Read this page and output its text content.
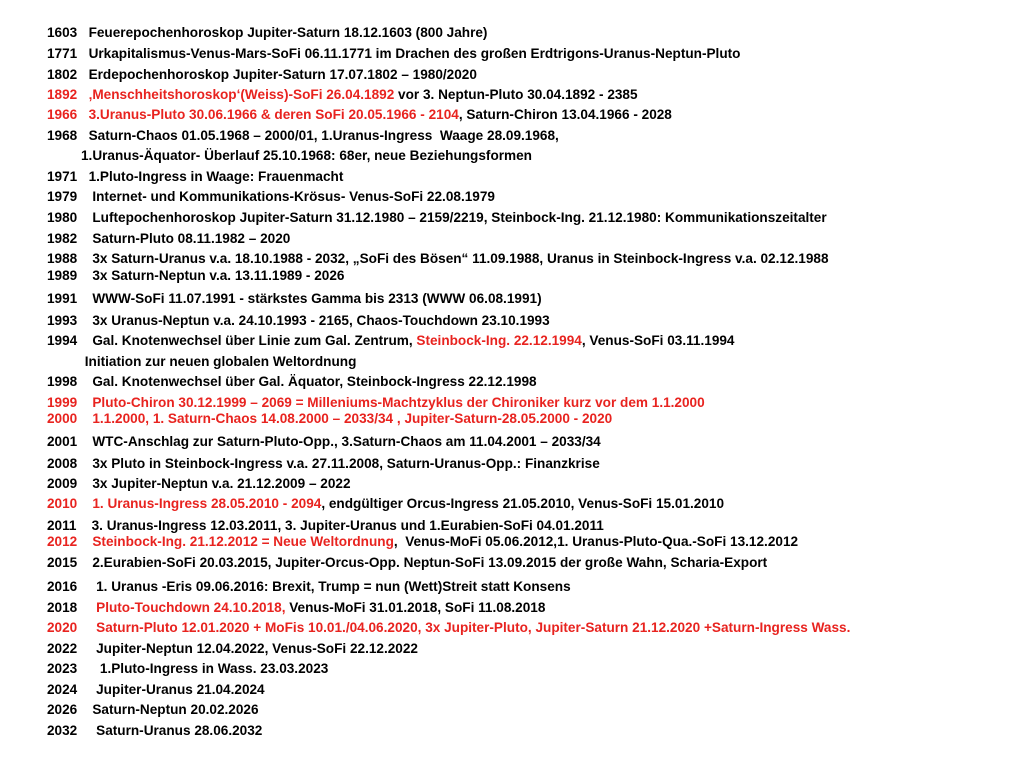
1603   Feuerepochenhoroskop Jupiter-Saturn 18.12.1603 (800 Jahre)
1771   Urkapitalismus-Venus-Mars-SoFi 06.11.1771 im Drachen des großen Erdtrigons-Uranus-Neptun-Pluto
1802   Erdepochenhoroskop Jupiter-Saturn 17.07.1802 – 1980/2020
1892   ‚Menschheitshoroskop‘(Weiss)-SoFi 26.04.1892 vor 3. Neptun-Pluto 30.04.1892 - 2385
1966   3.Uranus-Pluto 30.06.1966 & deren SoFi 20.05.1966 - 2104, Saturn-Chiron 13.04.1966 - 2028
1968   Saturn-Chaos 01.05.1968 – 2000/01, 1.Uranus-Ingress  Waage 28.09.1968,
1.Uranus-Äquator- Überlauf 25.10.1968: 68er, neue Beziehungsformen
1971   1.Pluto-Ingress in Waage: Frauenmacht
1979    Internet- und Kommunikations-Krösus- Venus-SoFi 22.08.1979
1980    Luftepochenhoroskop Jupiter-Saturn 31.12.1980 – 2159/2219, Steinbock-Ing. 21.12.1980: Kommunikationszeitalter
1982    Saturn-Pluto 08.11.1982 – 2020
1988    3x Saturn-Uranus v.a. 18.10.1988 - 2032, „SoFi des Bösen“ 11.09.1988, Uranus in Steinbock-Ingress v.a. 02.12.1988
1989    3x Saturn-Neptun v.a. 13.11.1989 - 2026
1991    WWW-SoFi 11.07.1991 - stärkstes Gamma bis 2313 (WWW 06.08.1991)
1993    3x Uranus-Neptun v.a. 24.10.1993 - 2165, Chaos-Touchdown 23.10.1993
1994    Gal. Knotenwechsel über Linie zum Gal. Zentrum, Steinbock-Ing. 22.12.1994, Venus-SoFi 03.11.1994
Initiation zur neuen globalen Weltordnung
1998    Gal. Knotenwechsel über Gal. Äquator, Steinbock-Ingress 22.12.1998
1999    Pluto-Chiron 30.12.1999 – 2069 = Milleniums-Machtzyklus der Chironiker kurz vor dem 1.1.2000
2000    1.1.2000, 1. Saturn-Chaos 14.08.2000 – 2033/34 , Jupiter-Saturn-28.05.2000 - 2020
2001    WTC-Anschlag zur Saturn-Pluto-Opp., 3.Saturn-Chaos am 11.04.2001 – 2033/34
2008    3x Pluto in Steinbock-Ingress v.a. 27.11.2008, Saturn-Uranus-Opp.: Finanzkrise
2009    3x Jupiter-Neptun v.a. 21.12.2009 – 2022
2010    1. Uranus-Ingress 28.05.2010 - 2094, endgültiger Orcus-Ingress 21.05.2010, Venus-SoFi 15.01.2010
2011    3. Uranus-Ingress 12.03.2011, 3. Jupiter-Uranus und 1.Eurabien-SoFi 04.01.2011
2012    Steinbock-Ing. 21.12.2012 = Neue Weltordnung,  Venus-MoFi 05.06.2012,1. Uranus-Pluto-Qua.-SoFi 13.12.2012
2015    2.Eurabien-SoFi 20.03.2015, Jupiter-Orcus-Opp. Neptun-SoFi 13.09.2015 der große Wahn, Scharia-Export
2016     1. Uranus -Eris 09.06.2016: Brexit, Trump = nun (Wett)Streit statt Konsens
2018     Pluto-Touchdown 24.10.2018, Venus-MoFi 31.01.2018, SoFi 11.08.2018
2020     Saturn-Pluto 12.01.2020 + MoFis 10.01./04.06.2020, 3x Jupiter-Pluto, Jupiter-Saturn 21.12.2020 +Saturn-Ingress Wass.
2022     Jupiter-Neptun 12.04.2022, Venus-SoFi 22.12.2022
2023      1.Pluto-Ingress in Wass. 23.03.2023
2024     Jupiter-Uranus 21.04.2024
2026    Saturn-Neptun 20.02.2026
2032     Saturn-Uranus 28.06.2032
